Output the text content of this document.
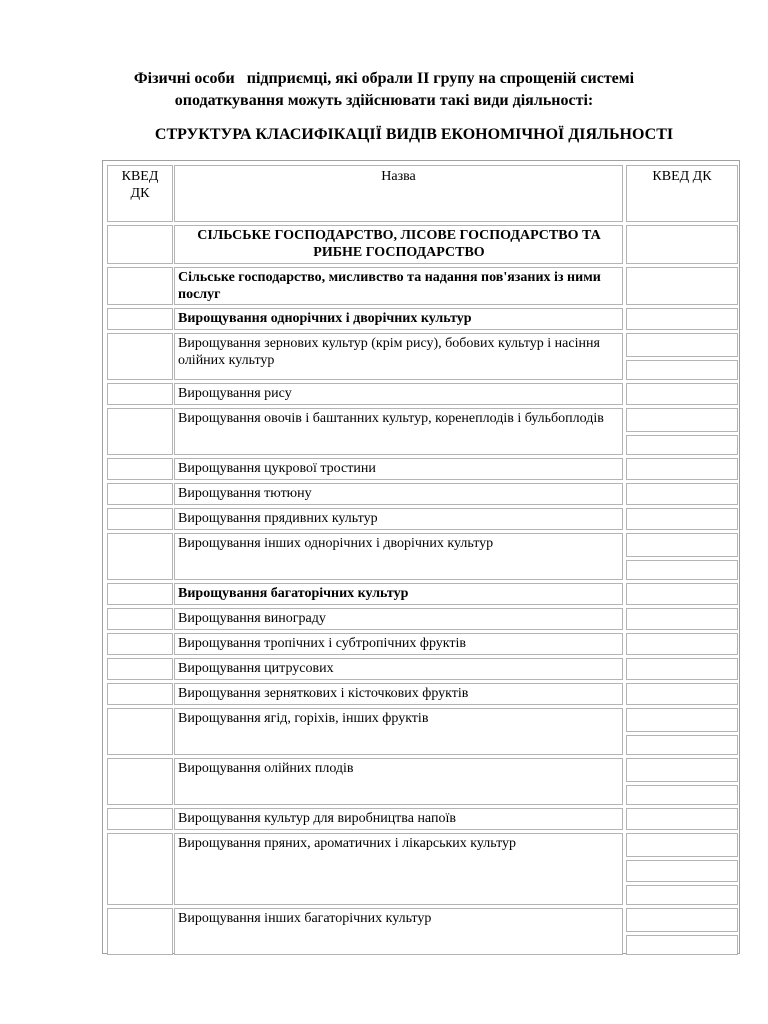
Фізичні особи підприємці, які обрали ІІ групу на спрощеній системі
оподаткування можуть здійснювати такі види діяльності:
СТРУКТУРА КЛАСИФІКАЦІЇ ВИДІВ ЕКОНОМІЧНОЇ ДІЯЛЬНОСТІ
КВЕД ДК
Назва	КВЕД ДК
СІЛЬСЬКЕ ГОСПОДАРСТВО, ЛІСОВЕ ГОСПОДАРСТВО ТА РИБНЕ ГОСПОДАРСТВО
Сільське господарство, мисливство та надання пов'язаних із ними послуг
Вирощування однорічних і дворічних культур
Вирощування зернових культур (крім рису), бобових культур і насіння олійних культур
Вирощування рису
Вирощування овочів і баштанних культур, коренеплодів і бульбоплодів
Вирощування цукрової тростини
Вирощування тютюну
Вирощування прядивних культур
Вирощування інших однорічних і дворічних культур
Вирощування багаторічних культур
Вирощування винограду
Вирощування тропічних і субтропічних фруктів
Вирощування цитрусових
Вирощування зерняткових і кісточкових фруктів
Вирощування ягід, горіхів, інших фруктів
Вирощування олійних плодів
Вирощування культур для виробництва напоїв
Вирощування пряних, ароматичних і лікарських культур
Вирощування інших багаторічних культур
